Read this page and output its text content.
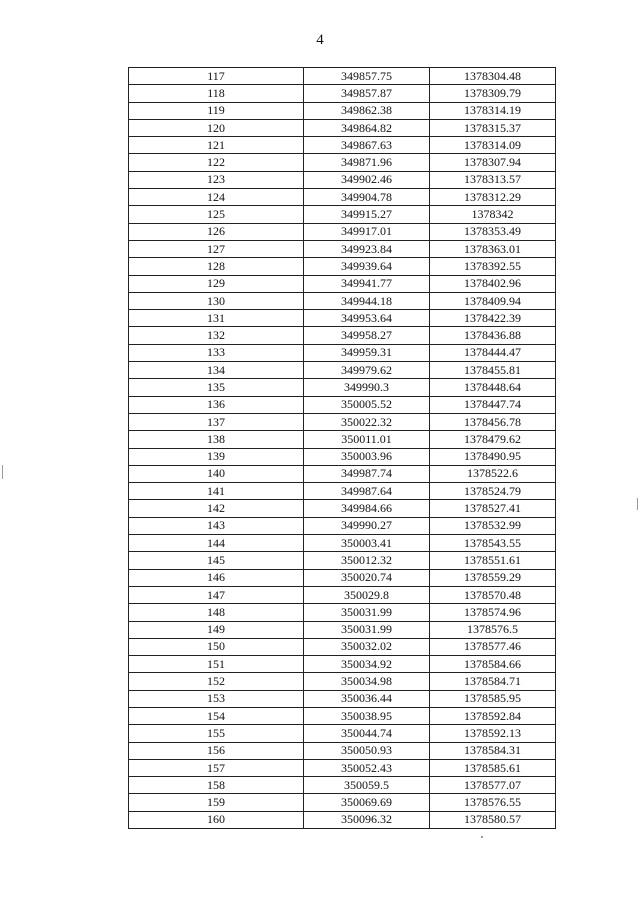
4
117	349857.75	1378304.48
118	349857.87	1378309.79
119	349862.38	1378314.19
120	349864.82	1378315.37
121	349867.63	1378314.09
122	349871.96	1378307.94
123	349902.46	1378313.57
124	349904.78	1378312.29
125	349915.27	1378342
126	349917.01	1378353.49
127	349923.84	1378363.01
128	349939.64	1378392.55
129	349941.77	1378402.96
130	349944.18	1378409.94
131	349953.64	1378422.39
132	349958.27	1378436.88
133	349959.31	1378444.47
134	349979.62	1378455.81
135	349990.3	1378448.64
136	350005.52	1378447.74
137	350022.32	1378456.78
138	350011.01	1378479.62
139	350003.96	1378490.95
140	349987.74	1378522.6
141	349987.64	1378524.79
142	349984.66	1378527.41
143	349990.27	1378532.99
144	350003.41	1378543.55
145	350012.32	1378551.61
146	350020.74	1378559.29
147	350029.8	1378570.48
148	350031.99	1378574.96
149	350031.99	1378576.5
150	350032.02	1378577.46
151	350034.92	1378584.66
152	350034.98	1378584.71
153	350036.44	1378585.95
154	350038.95	1378592.84
155	350044.74	1378592.13
156	350050.93	1378584.31
157	350052.43	1378585.61
158	350059.5	1378577.07
159	350069.69	1378576.55
160	350096.32	1378580.57
